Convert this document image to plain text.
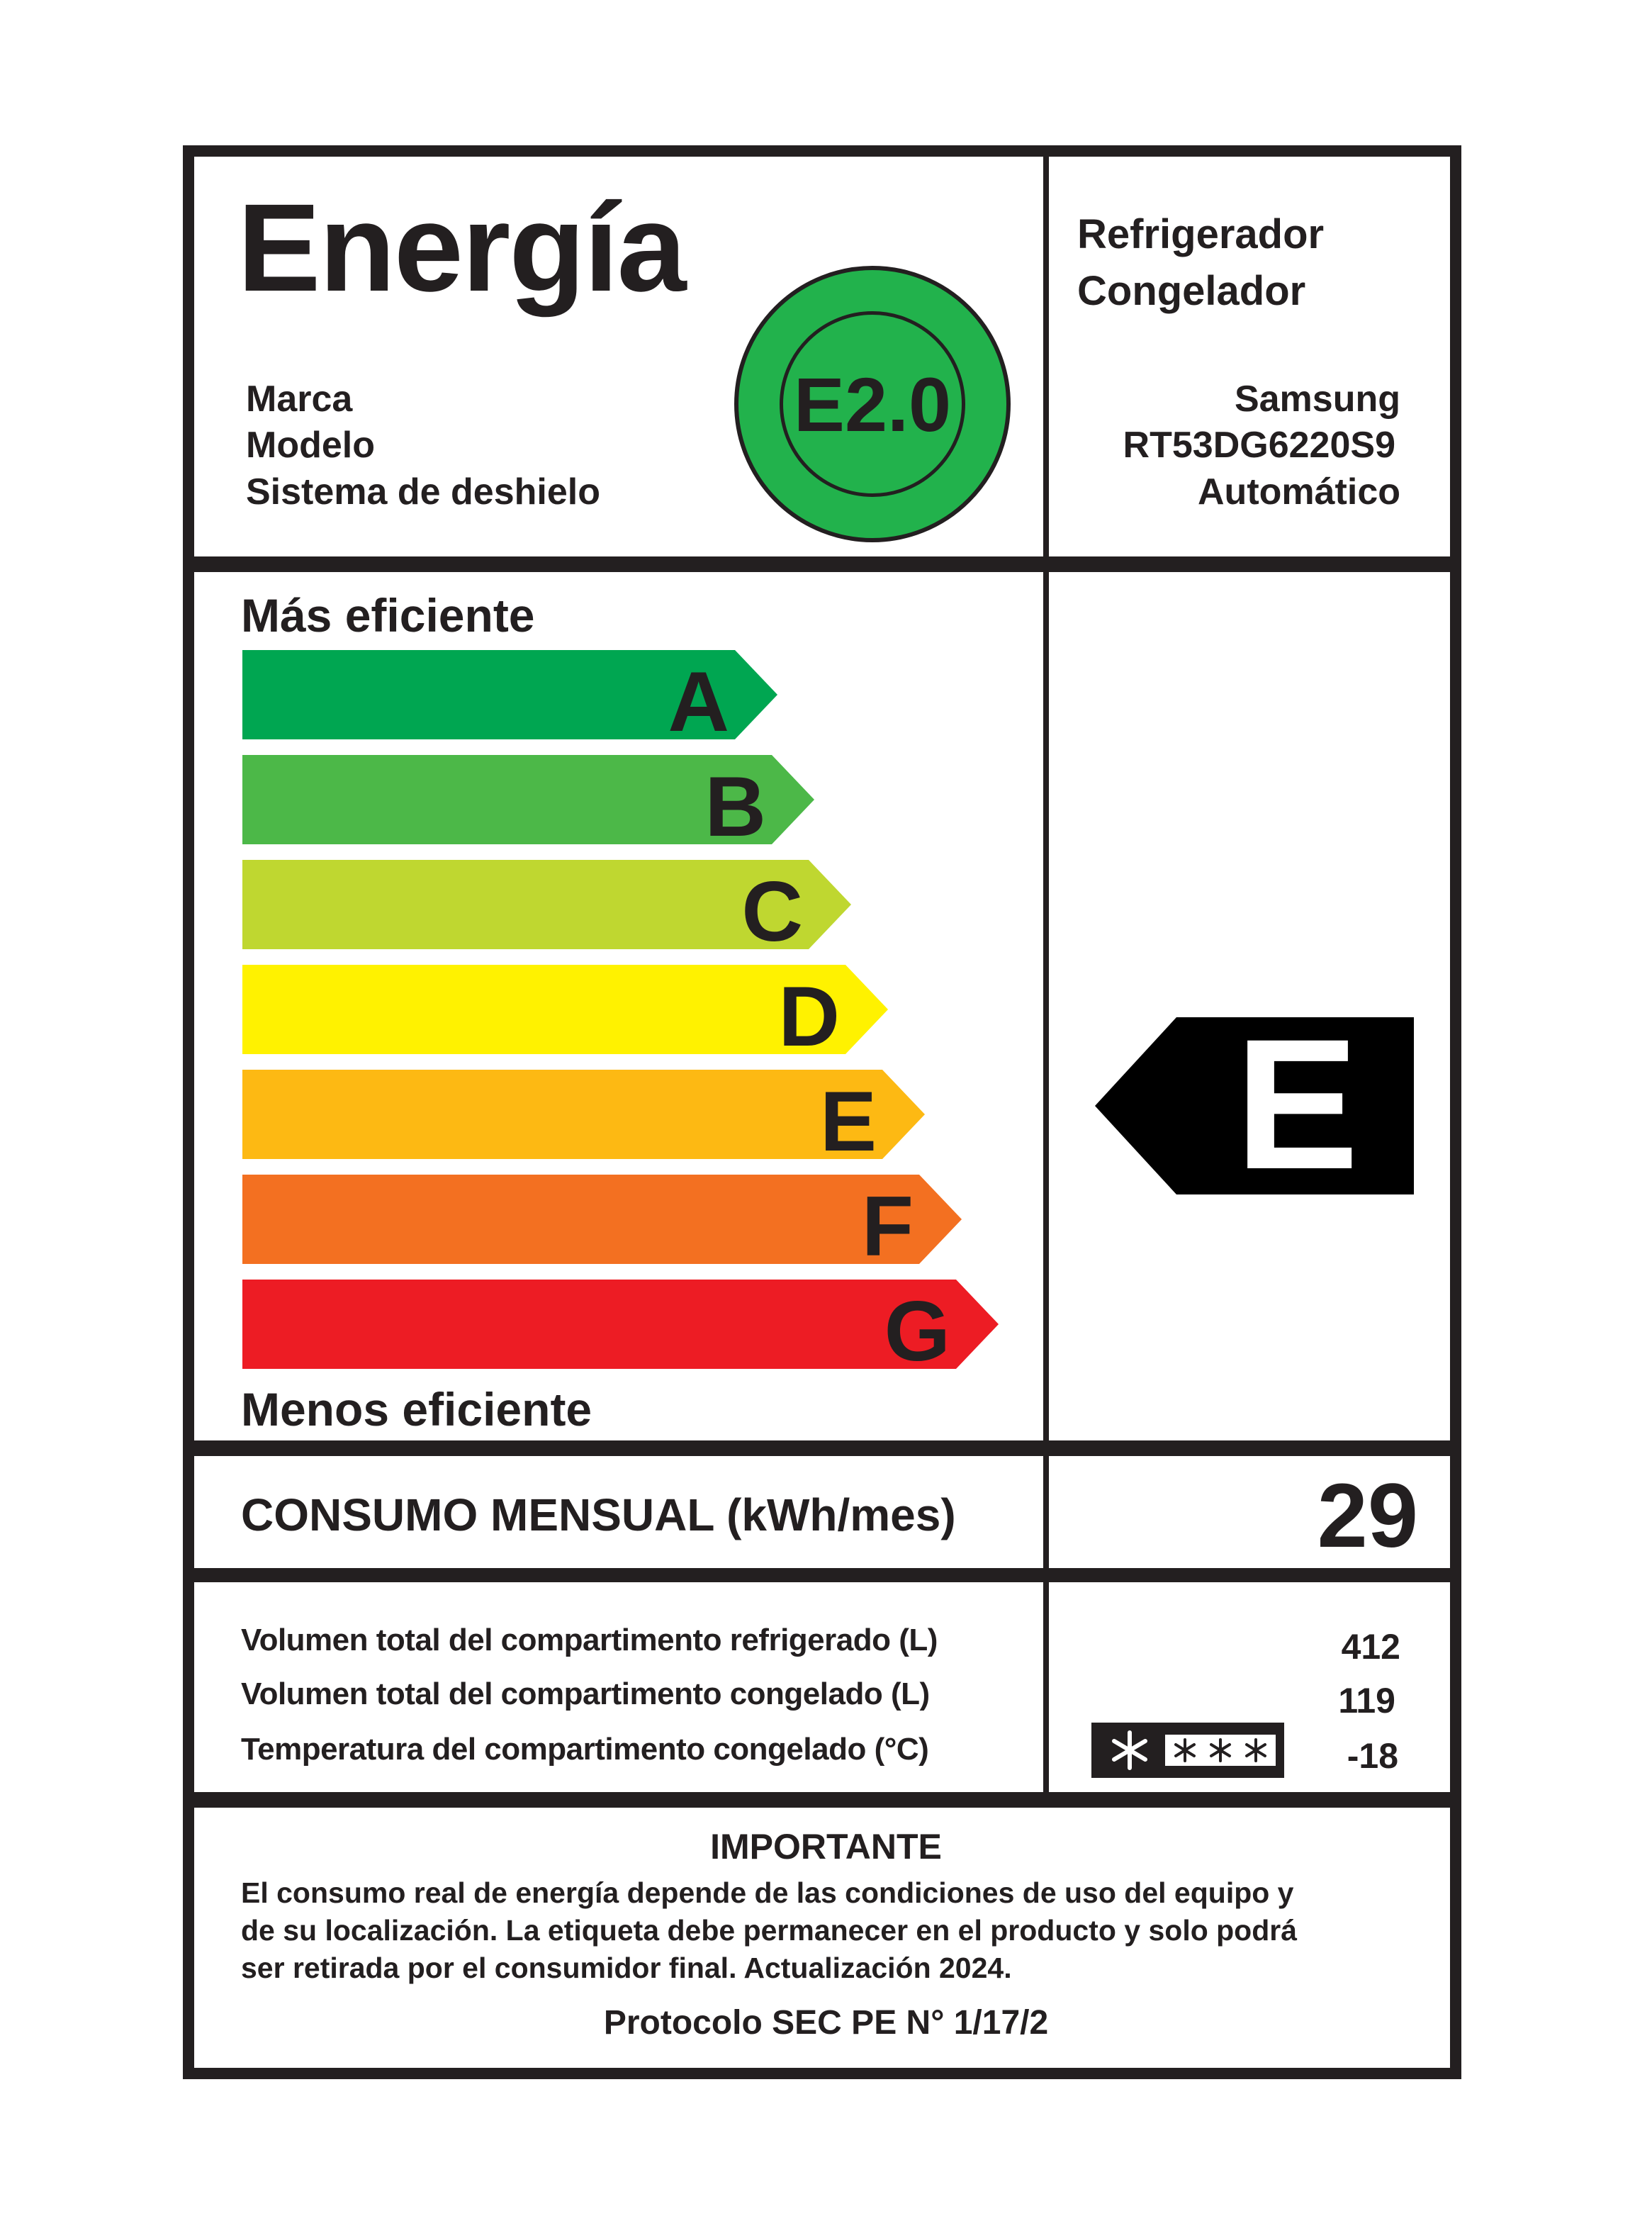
Energía	Refrigerador
Congelador
Marca
Modelo
Sistema de deshielo
Samsung
RT53DG6220S9
Automático
E2.0
Más eficiente
Menos eficiente
A
B
C
D
E
F
G
E
CONSUMO MENSUAL (kWh/mes)	29
Volumen total del compartimento refrigerado (L)
Volumen total del compartimento congelado (L)
Temperatura del compartimento congelado (°C)
412
119
-18
IMPORTANTE
El consumo real de energía depende de las condiciones de uso del equipo y
de su localización. La etiqueta debe permanecer en el producto y solo podrá
ser retirada por el consumidor final. Actualización 2024.
Protocolo SEC PE N° 1/17/2
